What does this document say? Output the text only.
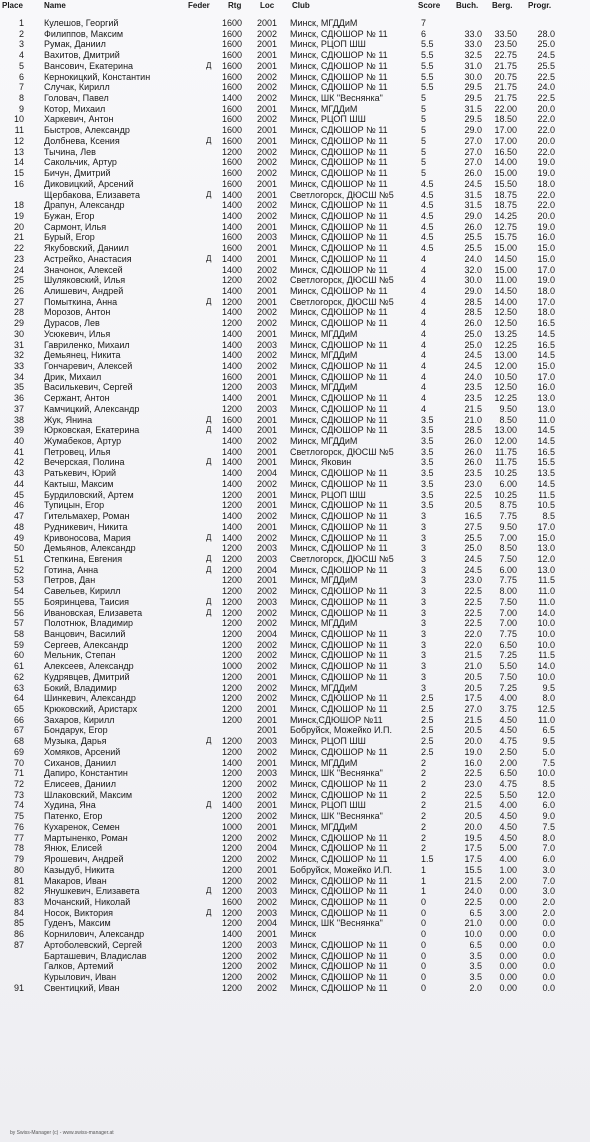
Place	Name	Feder Rtg Loc Club	Score Buch. Berg. Progr.
1 Кулешов, Георгий	1600 2001 Минск, МГДДиМ	7
2 Филиппов, Максим	1600 2002 Минск, СДЮШОР № 11	6	33.0	33.50	28.0
3 Румак, Даниил	1600 2001 Минск, РЦОП ШШ	5.5	33.0	23.50	25.0
4 Вахитов, Дмитрий	1600 2001 Минск, СДЮШОР № 11	5.5	32.5	22.75	24.5
5 Вансович, Екатерина	Д	1600 2001 Минск, СДЮШОР № 11	5.5	31.0	21.75	25.5
6 Кернокицкий, Константин	1600 2002 Минск, СДЮШОР № 11	5.5	30.0	20.75	22.5
7 Случак, Кирилл	1600 2002 Минск, СДЮШОР № 11	5.5	29.5	21.75	24.0
8 Головач, Павел	1400 2002 Минск, ШК "Веснянка"	5	29.5	21.75	22.5
9 Котор, Михаил	1600 2001 Минск, МГДДиМ	5	31.5	22.00	20.0
10 Харкевич, Антон	1600 2002 Минск, РЦОП ШШ	5	29.5	18.50	22.0
11 Быстров, Александр	1600 2001 Минск, СДЮШОР № 11	5	29.0	17.00	22.0
12 Долбнева, Ксения	Д	1600 2001 Минск, СДЮШОР № 11	5	27.0	17.00	20.0
13 Тычина, Лев	1200 2002 Минск, СДЮШОР № 11	5	27.0	16.50	22.0
14 Сакольчик, Артур	1600 2002 Минск, СДЮШОР № 11	5	27.0	14.00	19.0
15 Бичун, Дмитрий	1600 2002 Минск, СДЮШОР № 11	5	26.0	15.00	19.0
16 Диковицкий, Арсений	1600 2001 Минск, СДЮШОР № 11	4.5	24.5	15.50	18.0
Щербакова, Елизавета	Д	1400 2001 Светлогорск, ДЮСШ №5	4.5	31.5	18.75	22.0
18 Драпун, Александр	1400 2002 Минск, СДЮШОР № 11	4.5	31.5	18.75	22.0
19 Бужан, Егор	1400 2002 Минск, СДЮШОР № 11	4.5	29.0	14.25	20.0
20 Сармонт, Илья	1400 2001 Минск, СДЮШОР № 11	4.5	26.0	12.75	19.0
21 Бурый, Егор	1600 2003 Минск, СДЮШОР № 11	4.5	25.5	15.75	16.0
22 Якубовский, Даниил	1600 2001 Минск, СДЮШОР № 11	4.5	25.5	15.00	15.0
23 Астрейко, Анастасия	Д	1400 2001 Минск, СДЮШОР № 11	4	24.0	14.50	15.0
24 Значонок, Алексей	1400 2002 Минск, СДЮШОР № 11	4	32.0	15.00	17.0
25 Шуляковский, Илья	1200 2002 Светлогорск, ДЮСШ №5	4	30.0	11.00	19.0
26 Алишевич, Андрей	1400 2001 Минск, СДЮШОР № 11	4	29.0	14.50	18.0
27 Помыткина, Анна	Д	1200 2001 Светлогорск, ДЮСШ №5	4	28.5	14.00	17.0
28 Морозов, Антон	1400 2002 Минск, СДЮШОР № 11	4	28.5	12.50	18.0
29 Дурасов, Лев	1200 2002 Минск, СДЮШОР № 11	4	26.0	12.50	16.5
30 Усюкевич, Илья	1400 2001 Минск, МГДДиМ	4	25.0	13.25	14.5
31 Гавриленко, Михаил	1400 2003 Минск, СДЮШОР № 11	4	25.0	12.25	16.5
32 Демьянец, Никита	1400 2002 Минск, МГДДиМ	4	24.5	13.00	14.5
33 Гончаревич, Алексей	1400 2002 Минск, СДЮШОР № 11	4	24.5	12.00	15.0
34 Дрик, Михаил	1600 2001 Минск, СДЮШОР № 11	4	24.0	10.50	17.0
35 Василькевич, Сергей	1200 2003 Минск, МГДДиМ	4	23.5	12.50	16.0
36 Сержант, Антон	1400 2001 Минск, СДЮШОР № 11	4	23.5	12.25	13.0
37 Камчицкий, Александр	1200 2003 Минск, СДЮШОР № 11	4	21.5	9.50	13.0
38 Жук, Янина	Д	1600 2001 Минск, СДЮШОР № 11	3.5	21.0	8.50	11.0
39 Юрковская, Екатерина	Д	1400 2001 Минск, СДЮШОР № 11	3.5	28.5	13.00	14.5
40 Жумабеков, Артур	1400 2002 Минск, МГДДиМ	3.5	26.0	12.00	14.5
41 Петровец, Илья	1400 2001 Светлогорск, ДЮСШ №5	3.5	26.0	11.75	16.5
42 Вечерская, Полина	Д	1400 2001 Минск, Яковин	3.5	26.0	11.75	15.5
43 Ратькевич, Юрий	1400 2004 Минск, СДЮШОР № 11	3.5	23.5	10.25	13.5
44 Кактыш, Максим	1400 2002 Минск, СДЮШОР № 11	3.5	23.0	6.00	14.5
45 Бурдиловский, Артем	1200 2001 Минск, РЦОП ШШ	3.5	22.5	10.25	11.5
46 Тупицын, Егор	1200 2001 Минск, СДЮШОР № 11	3.5	20.5	8.75	10.5
47 Гительмахер, Роман	1400 2002 Минск, СДЮШОР № 11	3	16.5	7.75	8.5
48 Рудникевич, Никита	1400 2001 Минск, СДЮШОР № 11	3	27.5	9.50	17.0
49 Кривоносова, Мария	Д	1400 2002 Минск, СДЮШОР № 11	3	25.5	7.00	15.0
50 Демьянов, Александр	1200 2003 Минск, СДЮШОР № 11	3	25.0	8.50	13.0
51 Степкина, Евгения	Д	1200 2003 Светлогорск, ДЮСШ №5	3	24.5	7.50	12.0
52 Готина, Анна	Д	1200 2004 Минск, СДЮШОР № 11	3	24.5	6.00	13.0
53 Петров, Дан	1200 2001 Минск, МГДДиМ	3	23.0	7.75	11.5
54 Савельев, Кирилл	1200 2002 Минск, СДЮШОР № 11	3	22.5	8.00	11.0
55 Бояринцева, Таисия	Д	1200 2003 Минск, СДЮШОР № 11	3	22.5	7.50	11.0
56 Ивановская, Елизавета	Д	1200 2002 Минск, СДЮШОР № 11	3	22.5	7.00	14.0
57 Полотнюк, Владимир	1200 2002 Минск, МГДДиМ	3	22.5	7.00	10.0
58 Ванцович, Василий	1200 2004 Минск, СДЮШОР № 11	3	22.0	7.75	10.0
59 Сергеев, Александр	1200 2002 Минск, СДЮШОР № 11	3	22.0	6.50	10.0
60 Мельник, Степан	1200 2002 Минск, СДЮШОР № 11	3	21.5	7.25	11.5
61 Алексеев, Александр	1000 2002 Минск, СДЮШОР № 11	3	21.0	5.50	14.0
62 Кудрявцев, Дмитрий	1200 2001 Минск, СДЮШОР № 11	3	20.5	7.50	10.0
63 Бокий, Владимир	1200 2002 Минск, МГДДиМ	3	20.5	7.25	9.5
64 Шинкевич, Александр	1200 2002 Минск, СДЮШОР № 11	2.5	17.5	4.00	8.0
65 Крюковский, Аристарх	1200 2001 Минск, СДЮШОР № 11	2.5	27.0	3.75	12.5
66 Захаров, Кирилл	1200 2001 Минск,СДЮШОР №11	2.5	21.5	4.50	11.0
67 Бондарук, Егор	2001 Бобруйск, Можейко И.П.	2.5	20.5	4.50	6.5
68 Музыка, Дарья	Д	1200 2003 Минск, РЦОП ШШ	2.5	20.0	4.75	9.5
69 Хомяков, Арсений	1200 2002 Минск, СДЮШОР № 11	2.5	19.0	2.50	5.0
70 Сиханов, Даниил	1400 2001 Минск, МГДДиМ	2	16.0	2.00	7.5
71 Дапиро, Константин	1200 2003 Минск, ШК "Веснянка"	2	22.5	6.50	10.0
72 Елисеев, Даниил	1200 2002 Минск, СДЮШОР № 11	2	23.0	4.75	8.5
73 Шлаковский, Максим	1200 2002 Минск, СДЮШОР № 11	2	22.5	5.50	12.0
74 Худина, Яна	Д	1400 2001 Минск, РЦОП ШШ	2	21.5	4.00	6.0
75 Патенко, Егор	1200 2002 Минск, ШК "Веснянка"	2	20.5	4.50	9.0
76 Кухаренок, Семен	1000 2001 Минск, МГДДиМ	2	20.0	4.50	7.5
77 Мартыненко, Роман	1200 2002 Минск, СДЮШОР № 11	2	19.5	4.50	8.0
78 Янюк, Елисей	1200 2004 Минск, СДЮШОР № 11	2	17.5	5.00	7.0
79 Ярошевич, Андрей	1200 2002 Минск, СДЮШОР № 11	1.5	17.5	4.00	6.0
80 Казыдуб, Никита	1200 2001 Бобруйск, Можейко И.П.	1	15.5	1.00	3.0
81 Макаров, Иван	1200 2002 Минск, СДЮШОР № 11	1	21.5	2.00	7.0
82 Янушкевич, Елизавета	Д	1200 2003 Минск, СДЮШОР № 11	1	24.0	0.00	3.0
83 Мочанский, Николай	1600 2002 Минск, СДЮШОР № 11	0	22.5	0.00	2.0
84 Носок, Виктория	Д	1200 2003 Минск, СДЮШОР № 11	0	6.5	3.00	2.0
85 Гуденъ, Максим	1200 2004 Минск, ШК "Веснянка"	0	21.0	0.00	0.0
86 Корнилович, Александр	1400 2001 Минск	0	10.0	0.00	0.0
87 Артоболевский, Сергей	1200 2003 Минск, СДЮШОР № 11	0	6.5	0.00	0.0
Барташевич, Владислав	1200 2002 Минск, СДЮШОР № 11	0	3.5	0.00	0.0
Галков, Артемий	1200 2002 Минск, СДЮШОР № 11	0	3.5	0.00	0.0
Курылович, Иван	1200 2002 Минск, СДЮШОР № 11	0	3.5	0.00	0.0
91 Свентицкий, Иван	1200 2002 Минск, СДЮШОР № 11	0	2.0	0.00	0.0
by Swiss-Manager (c) - www.swiss-manager.at
